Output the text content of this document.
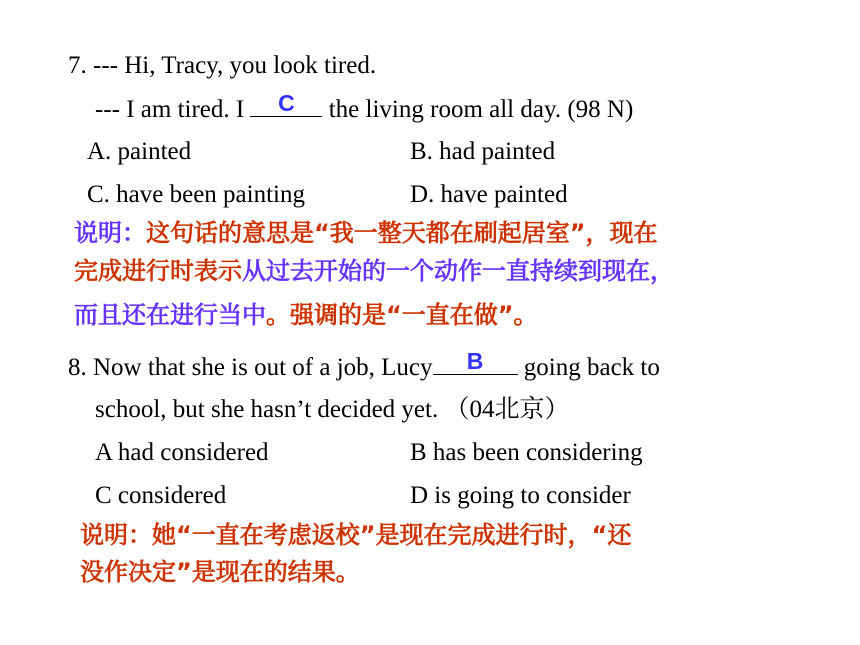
7. --- Hi, Tracy, you look tired.
--- I am tired. I	C	the living room all day. (98 N)
A. painted	B. had painted
C. have been painting	D. have painted
说明：这句话的意思是“我一整天都在刷起居室”，现在
完成进行时表示从过去开始的一个动作一直持续到现在，
而且还在进行当中。强调的是“一直在做”。
8. Now that she is out of a job, Lucy	B	going back to
school, but she hasn’t decided yet. （04北京）
A had considered	B has been considering
C considered	D is going to consider
说明：她“一直在考虑返校”是现在完成进行时，“还
没作决定”是现在的结果。
